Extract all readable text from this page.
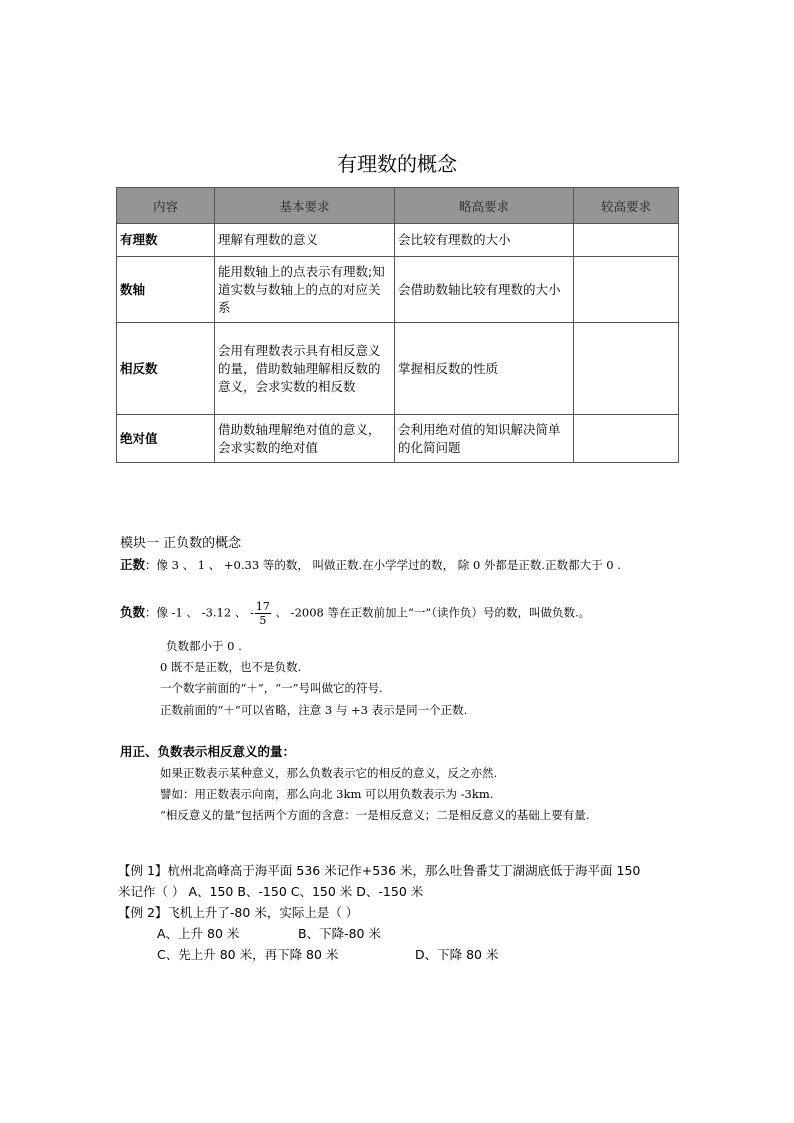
有理数的概念
内容	基本要求	略高要求	较高要求
有理数	理解有理数的意义	会比较有理数的大小	
数轴	能用数轴上的点表示有理数;知道实数与数轴上的点的对应关系	会借助数轴比较有理数的大小	
相反数	会用有理数表示具有相反意义的量，借助数轴理解相反数的意义，会求实数的相反数	掌握相反数的性质	
绝对值	借助数轴理解绝对值的意义，会求实数的绝对值	会利用绝对值的知识解决简单的化简问题	
模块一 正负数的概念
正数：像 3 、 1 、 +0.33 等的数， 叫做正数.在小学学过的数， 除 0 外都是正数.正数都大于 0 .
负数：像 -1 、 -3.12 、 - $\frac{17}{5}$ 、 -2008 等在正数前加上“一”（读作负）号的数，叫做负数.。
负数都小于 0 .
0 既不是正数，也不是负数.
一个数字前面的“＋”，“一”号叫做它的符号.
正数前面的“＋”可以省略，注意 3 与 +3 表示是同一个正数.
用正、负数表示相反意义的量：
如果正数表示某种意义，那么负数表示它的相反的意义，反之亦然.
譬如：用正数表示向南，那么向北 3km 可以用负数表示为 -3km.
“相反意义的量”包括两个方面的含意：一是相反意义；二是相反意义的基础上要有量.
【例 1】杭州北高峰高于海平面 536 米记作+536 米，那么吐鲁番艾丁湖湖底低于海平面 150
米记作（ ） A、150 B、-150 C、150 米 D、-150 米
【例 2】飞机上升了-80 米，实际上是（ ）
A、上升 80 米	B、下降-80 米
C、先上升 80 米，再下降 80 米	D、下降 80 米
